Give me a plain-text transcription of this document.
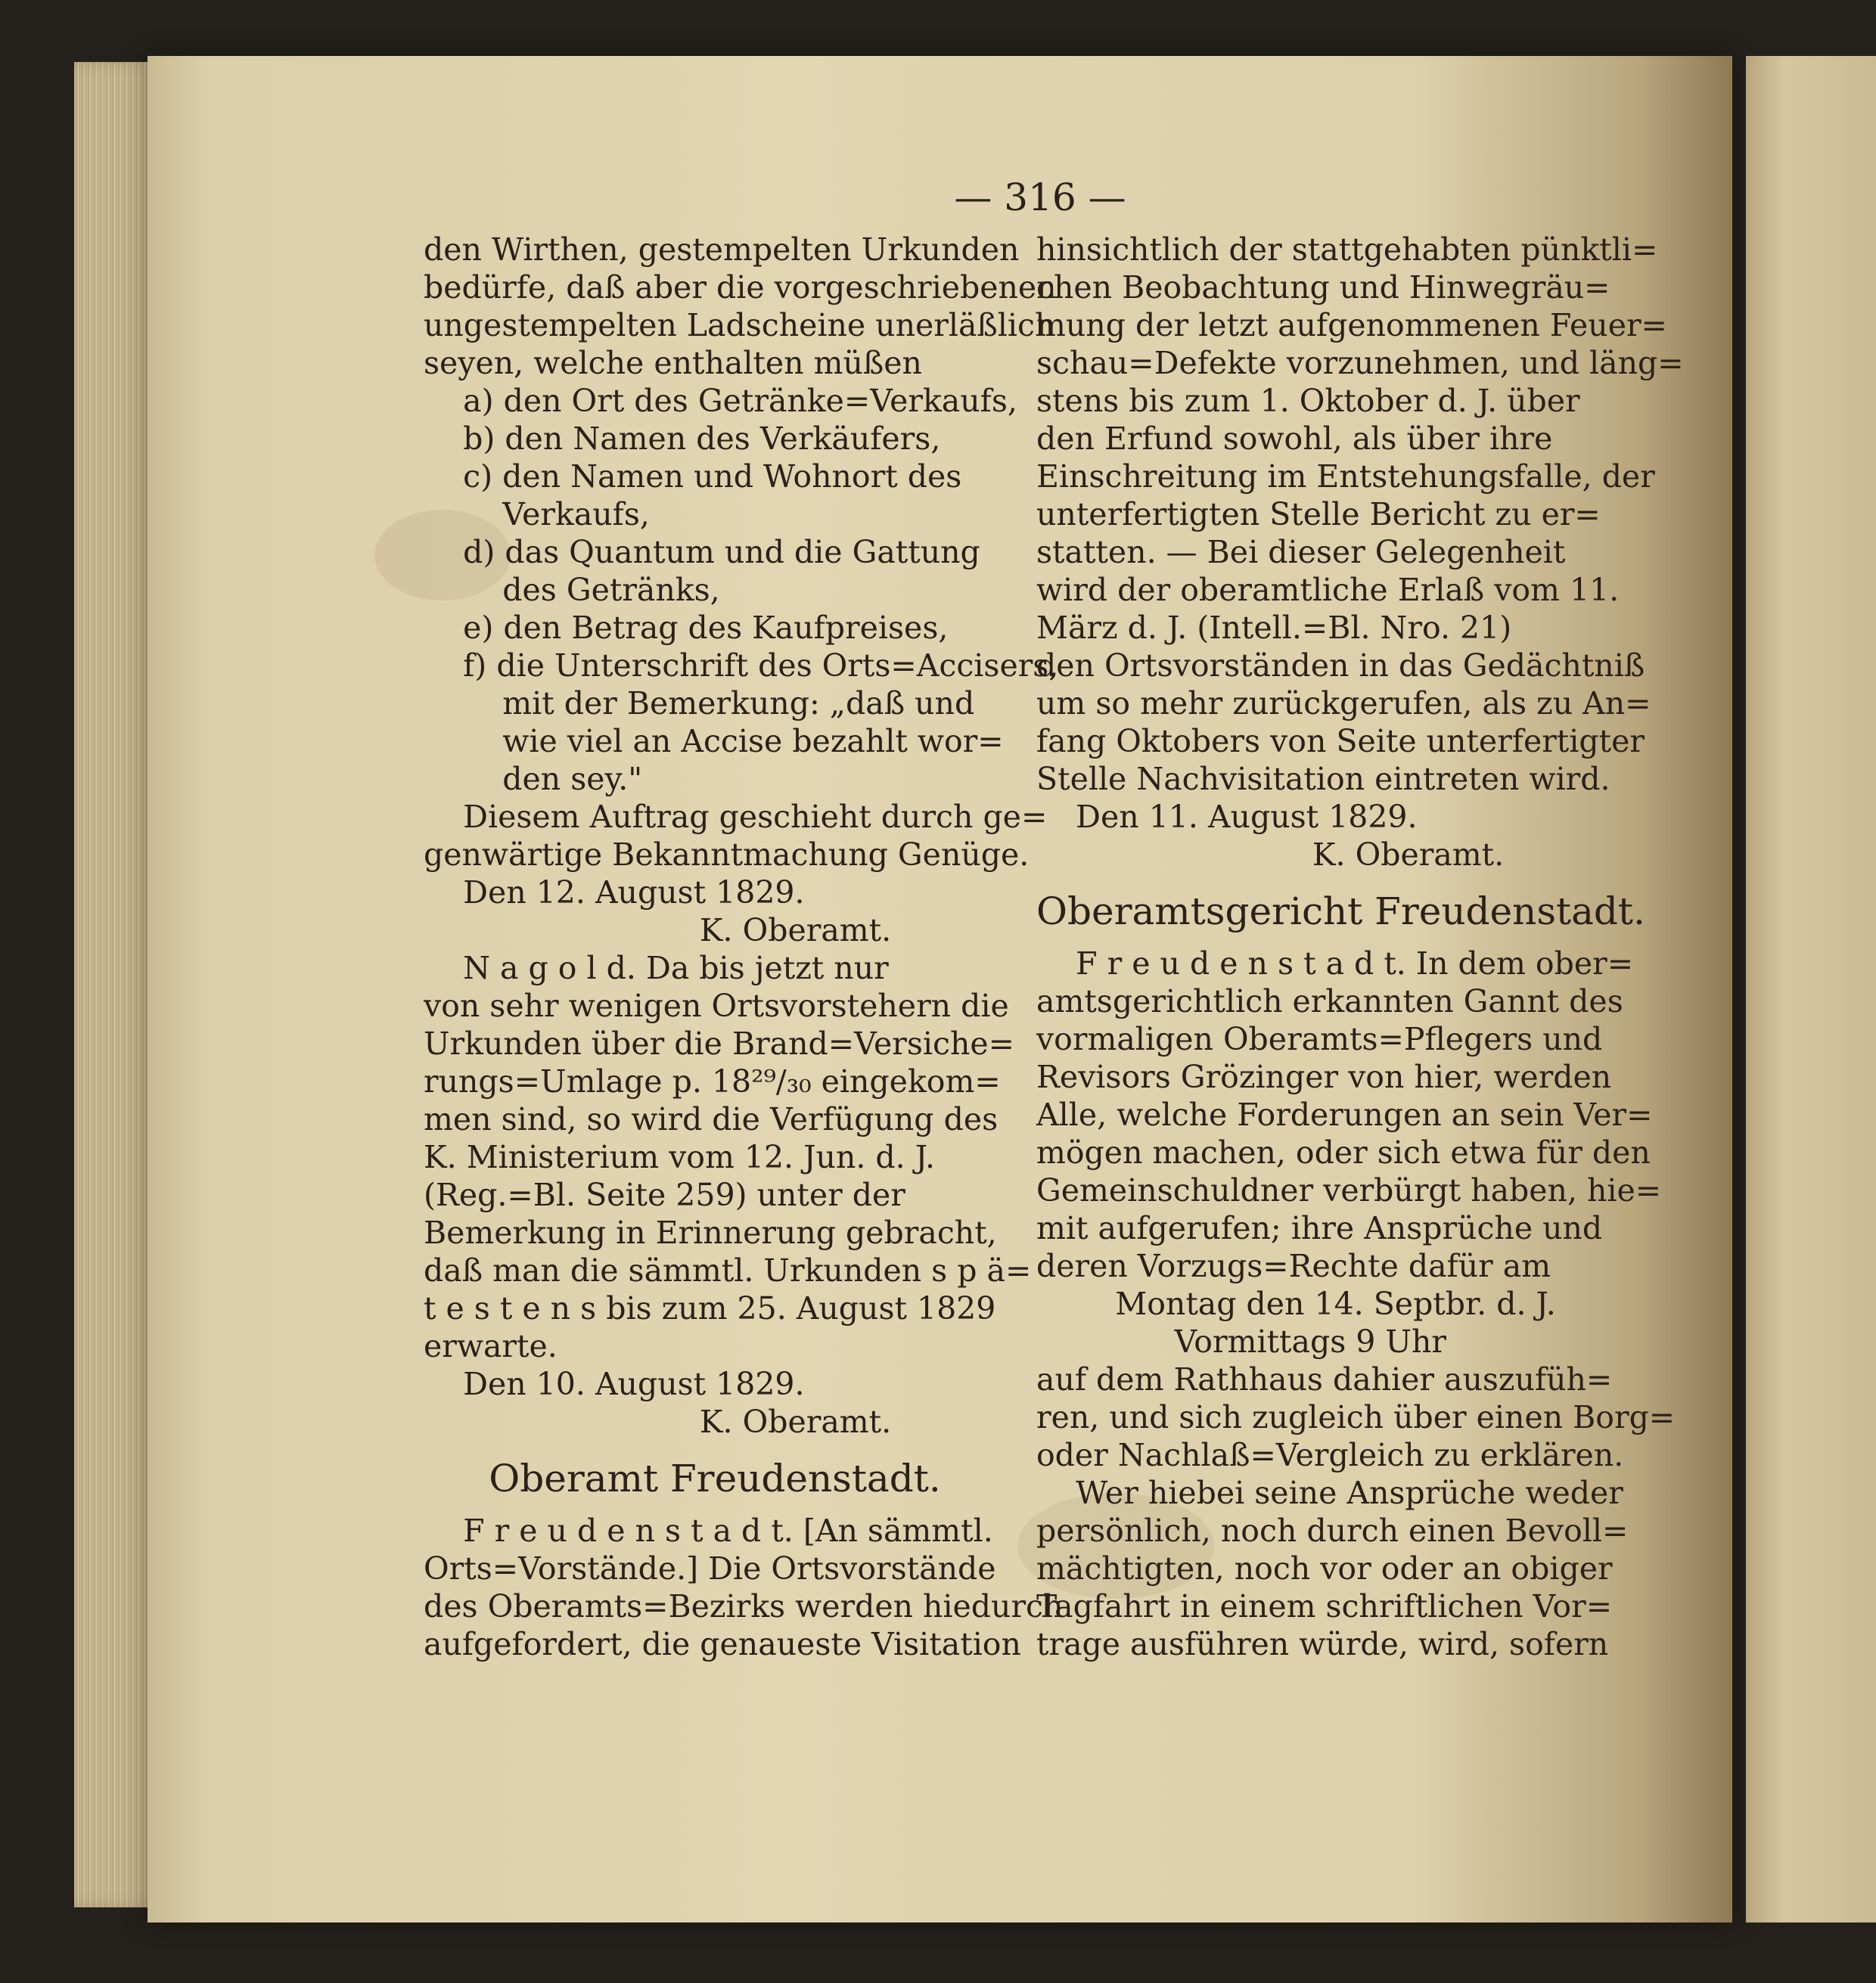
— 316 —
den Wirthen, gestempelten Urkunden
bedürfe, daß aber die vorgeschriebenen
ungestempelten Ladscheine unerläßlich
seyen, welche enthalten müßen
a) den Ort des Getränke=Verkaufs,
b) den Namen des Verkäufers,
c) den Namen und Wohnort des
Verkaufs,
d) das Quantum und die Gattung
des Getränks,
e) den Betrag des Kaufpreises,
f) die Unterschrift des Orts=Accisers,
mit der Bemerkung: „daß und
wie viel an Accise bezahlt wor=
den sey."
Diesem Auftrag geschieht durch ge=
genwärtige Bekanntmachung Genüge.
Den 12. August 1829.
K. Oberamt.
N a g o l d. Da bis jetzt nur
von sehr wenigen Ortsvorstehern die
Urkunden über die Brand=Versiche=
rungs=Umlage p. 18²⁹/₃₀ eingekom=
men sind, so wird die Verfügung des
K. Ministerium vom 12. Jun. d. J.
(Reg.=Bl. Seite 259) unter der
Bemerkung in Erinnerung gebracht,
daß man die sämmtl. Urkunden s p ä=
t e s t e n s bis zum 25. August 1829
erwarte.
Den 10. August 1829.
K. Oberamt.
Oberamt Freudenstadt.
F r e u d e n s t a d t. [An sämmtl.
Orts=Vorstände.] Die Ortsvorstände
des Oberamts=Bezirks werden hiedurch
aufgefordert, die genaueste Visitation
hinsichtlich der stattgehabten pünktli=
chen Beobachtung und Hinwegräu=
mung der letzt aufgenommenen Feuer=
schau=Defekte vorzunehmen, und läng=
stens bis zum 1. Oktober d. J. über
den Erfund sowohl, als über ihre
Einschreitung im Entstehungsfalle, der
unterfertigten Stelle Bericht zu er=
statten. — Bei dieser Gelegenheit
wird der oberamtliche Erlaß vom 11.
März d. J. (Intell.=Bl. Nro. 21)
den Ortsvorständen in das Gedächtniß
um so mehr zurückgerufen, als zu An=
fang Oktobers von Seite unterfertigter
Stelle Nachvisitation eintreten wird.
Den 11. August 1829.
K. Oberamt.
Oberamtsgericht Freudenstadt.
F r e u d e n s t a d t. In dem ober=
amtsgerichtlich erkannten Gannt des
vormaligen Oberamts=Pflegers und
Revisors Grözinger von hier, werden
Alle, welche Forderungen an sein Ver=
mögen machen, oder sich etwa für den
Gemeinschuldner verbürgt haben, hie=
mit aufgerufen; ihre Ansprüche und
deren Vorzugs=Rechte dafür am
Montag den 14. Septbr. d. J.
Vormittags 9 Uhr
auf dem Rathhaus dahier auszufüh=
ren, und sich zugleich über einen Borg=
oder Nachlaß=Vergleich zu erklären.
Wer hiebei seine Ansprüche weder
persönlich, noch durch einen Bevoll=
mächtigten, noch vor oder an obiger
Tagfahrt in einem schriftlichen Vor=
trage ausführen würde, wird, sofern
